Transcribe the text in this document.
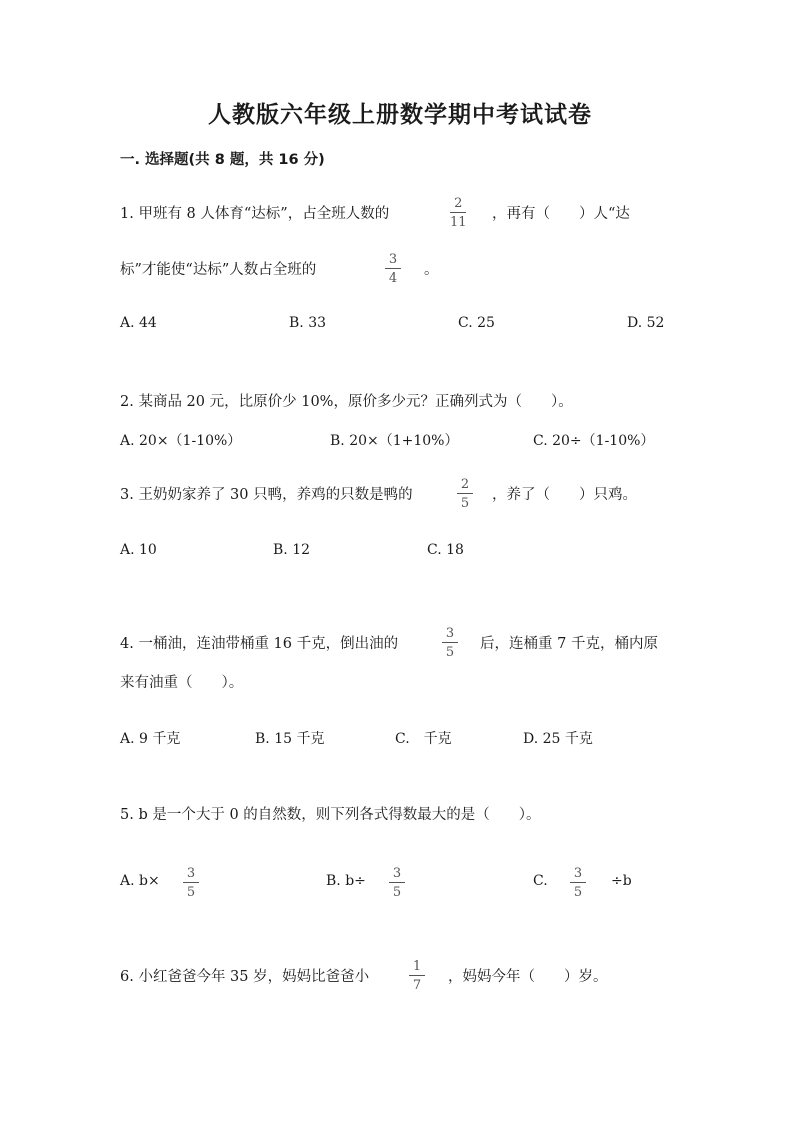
人教版六年级上册数学期中考试试卷
一. 选择题(共 8 题，共 16 分)
1. 甲班有 8 人体育“达标”，占全班人数的
2
11
，再有（　　）人“达
标”才能使“达标”人数占全班的
3
4
。
A. 44	B. 33	C. 25	D. 52
2. 某商品 20 元，比原价少 10%，原价多少元？正确列式为（　　）。
A. 20×（1-10%）	B. 20×（1+10%）	C. 20÷（1-10%）
3. 王奶奶家养了 30 只鸭，养鸡的只数是鸭的
2
5
，养了（　　）只鸡。
A. 10	B. 12	C. 18
4. 一桶油，连油带桶重 16 千克，倒出油的
3
5
后，连桶重 7 千克，桶内原
来有油重（　　）。
A. 9 千克	B. 15 千克	C.　千克	D. 25 千克
5. b 是一个大于 0 的自然数，则下列各式得数最大的是（　　）。
A. b× 3
5
B. b÷ 3
5
C. 3
5
÷b
6. 小红爸爸今年 35 岁，妈妈比爸爸小
1
7
，妈妈今年（　　）岁。
